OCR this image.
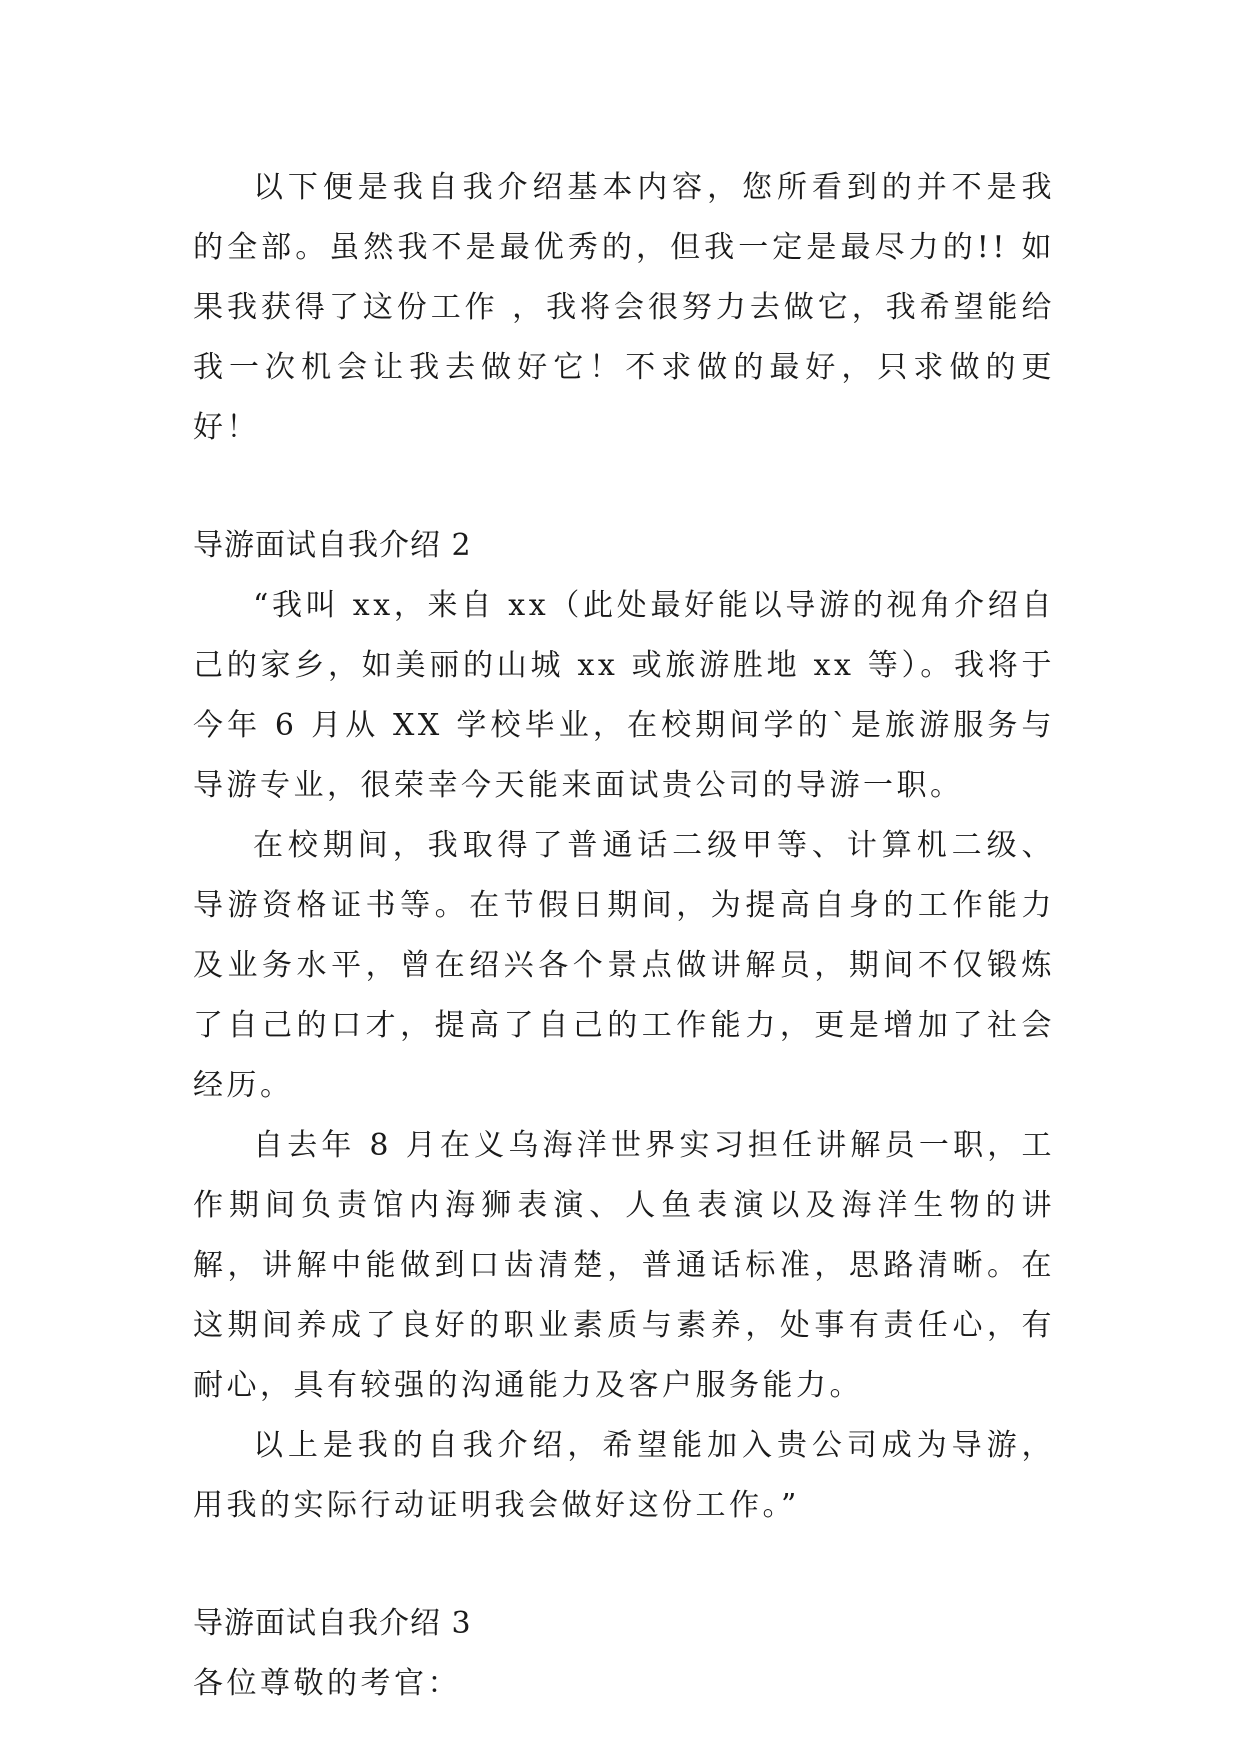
以下便是我自我介绍基本内容，您所看到的并不是我的全部。虽然我不是最优秀的，但我一定是最尽力的!! 如果我获得了这份工作 ，我将会很努力去做它，我希望能给我一次机会让我去做好它！不求做的最好，只求做的更好！

导游面试自我介绍 2

“我叫 xx，来自 xx（此处最好能以导游的视角介绍自己的家乡，如美丽的山城 xx 或旅游胜地 xx 等）。我将于今年 6 月从 XX 学校毕业，在校期间学的`是旅游服务与导游专业，很荣幸今天能来面试贵公司的导游一职。

在校期间，我取得了普通话二级甲等、计算机二级、导游资格证书等。在节假日期间，为提高自身的工作能力及业务水平，曾在绍兴各个景点做讲解员，期间不仅锻炼了自己的口才，提高了自己的工作能力，更是增加了社会经历。

自去年 8 月在义乌海洋世界实习担任讲解员一职，工作期间负责馆内海狮表演、人鱼表演以及海洋生物的讲解，讲解中能做到口齿清楚，普通话标准，思路清晰。在这期间养成了良好的职业素质与素养，处事有责任心，有耐心，具有较强的沟通能力及客户服务能力。

以上是我的自我介绍，希望能加入贵公司成为导游，用我的实际行动证明我会做好这份工作。”

导游面试自我介绍 3

各位尊敬的考官：
